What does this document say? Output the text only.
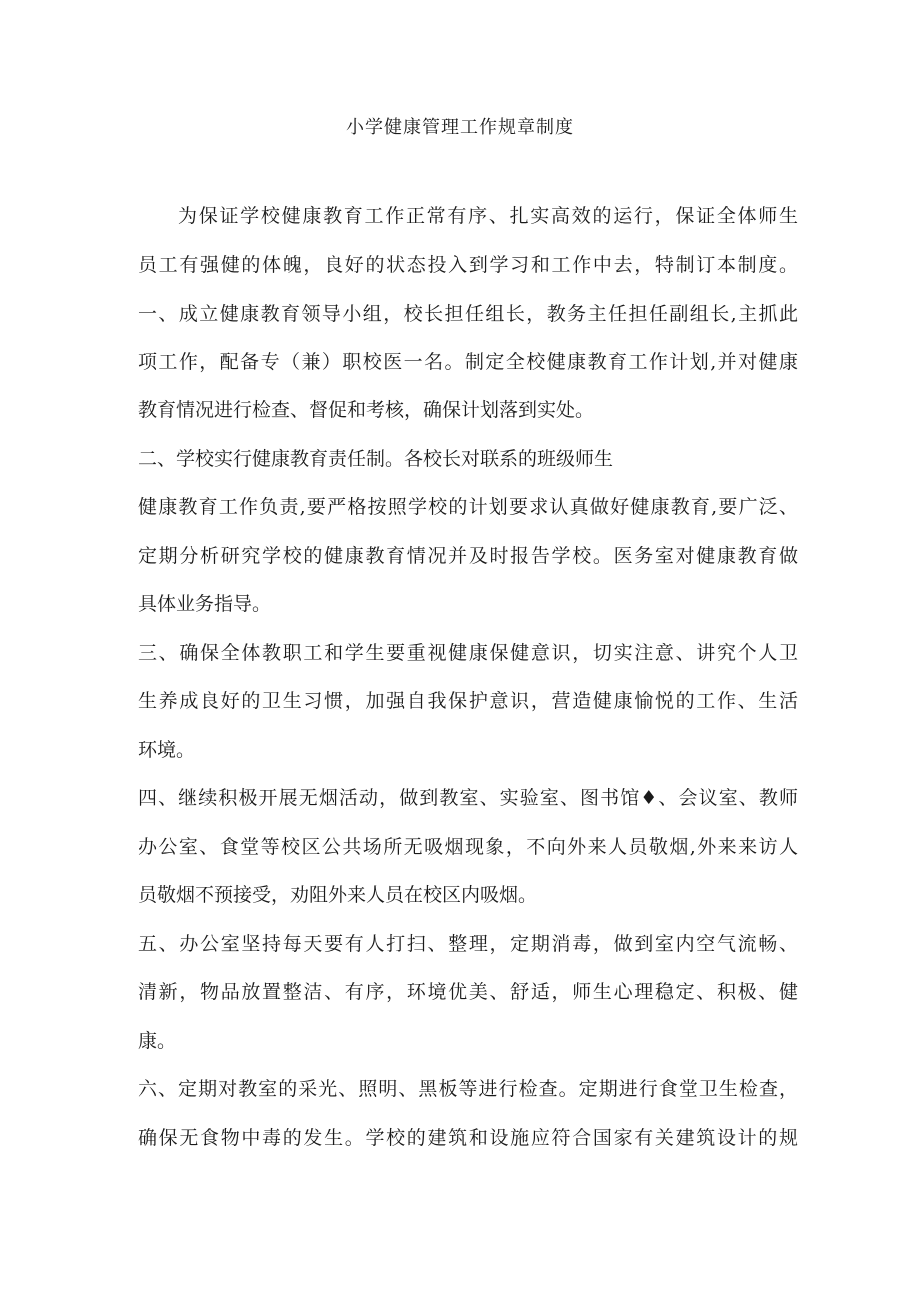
小学健康管理工作规章制度
为保证学校健康教育工作正常有序、扎实高效的运行，保证全体师生
员工有强健的体魄，良好的状态投入到学习和工作中去，特制订本制度。
一、成立健康教育领导小组，校长担任组长，教务主任担任副组长,主抓此
项工作，配备专（兼）职校医一名。制定全校健康教育工作计划,并对健康
教育情况进行检查、督促和考核，确保计划落到实处。
二、学校实行健康教育责任制。各校长对联系的班级师生
健康教育工作负责,要严格按照学校的计划要求认真做好健康教育,要广泛、
定期分析研究学校的健康教育情况并及时报告学校。医务室对健康教育做
具体业务指导。
三、确保全体教职工和学生要重视健康保健意识，切实注意、讲究个人卫
生养成良好的卫生习惯，加强自我保护意识，营造健康愉悦的工作、生活
环境。
四、继续积极开展无烟活动，做到教室、实验室、图书馆♦、会议室、教师
办公室、食堂等校区公共场所无吸烟现象，不向外来人员敬烟,外来来访人
员敬烟不预接受，劝阻外来人员在校区内吸烟。
五、办公室坚持每天要有人打扫、整理，定期消毒，做到室内空气流畅、
清新，物品放置整洁、有序，环境优美、舒适，师生心理稳定、积极、健
康。
六、定期对教室的采光、照明、黑板等进行检查。定期进行食堂卫生检查，
确保无食物中毒的发生。学校的建筑和设施应符合国家有关建筑设计的规
